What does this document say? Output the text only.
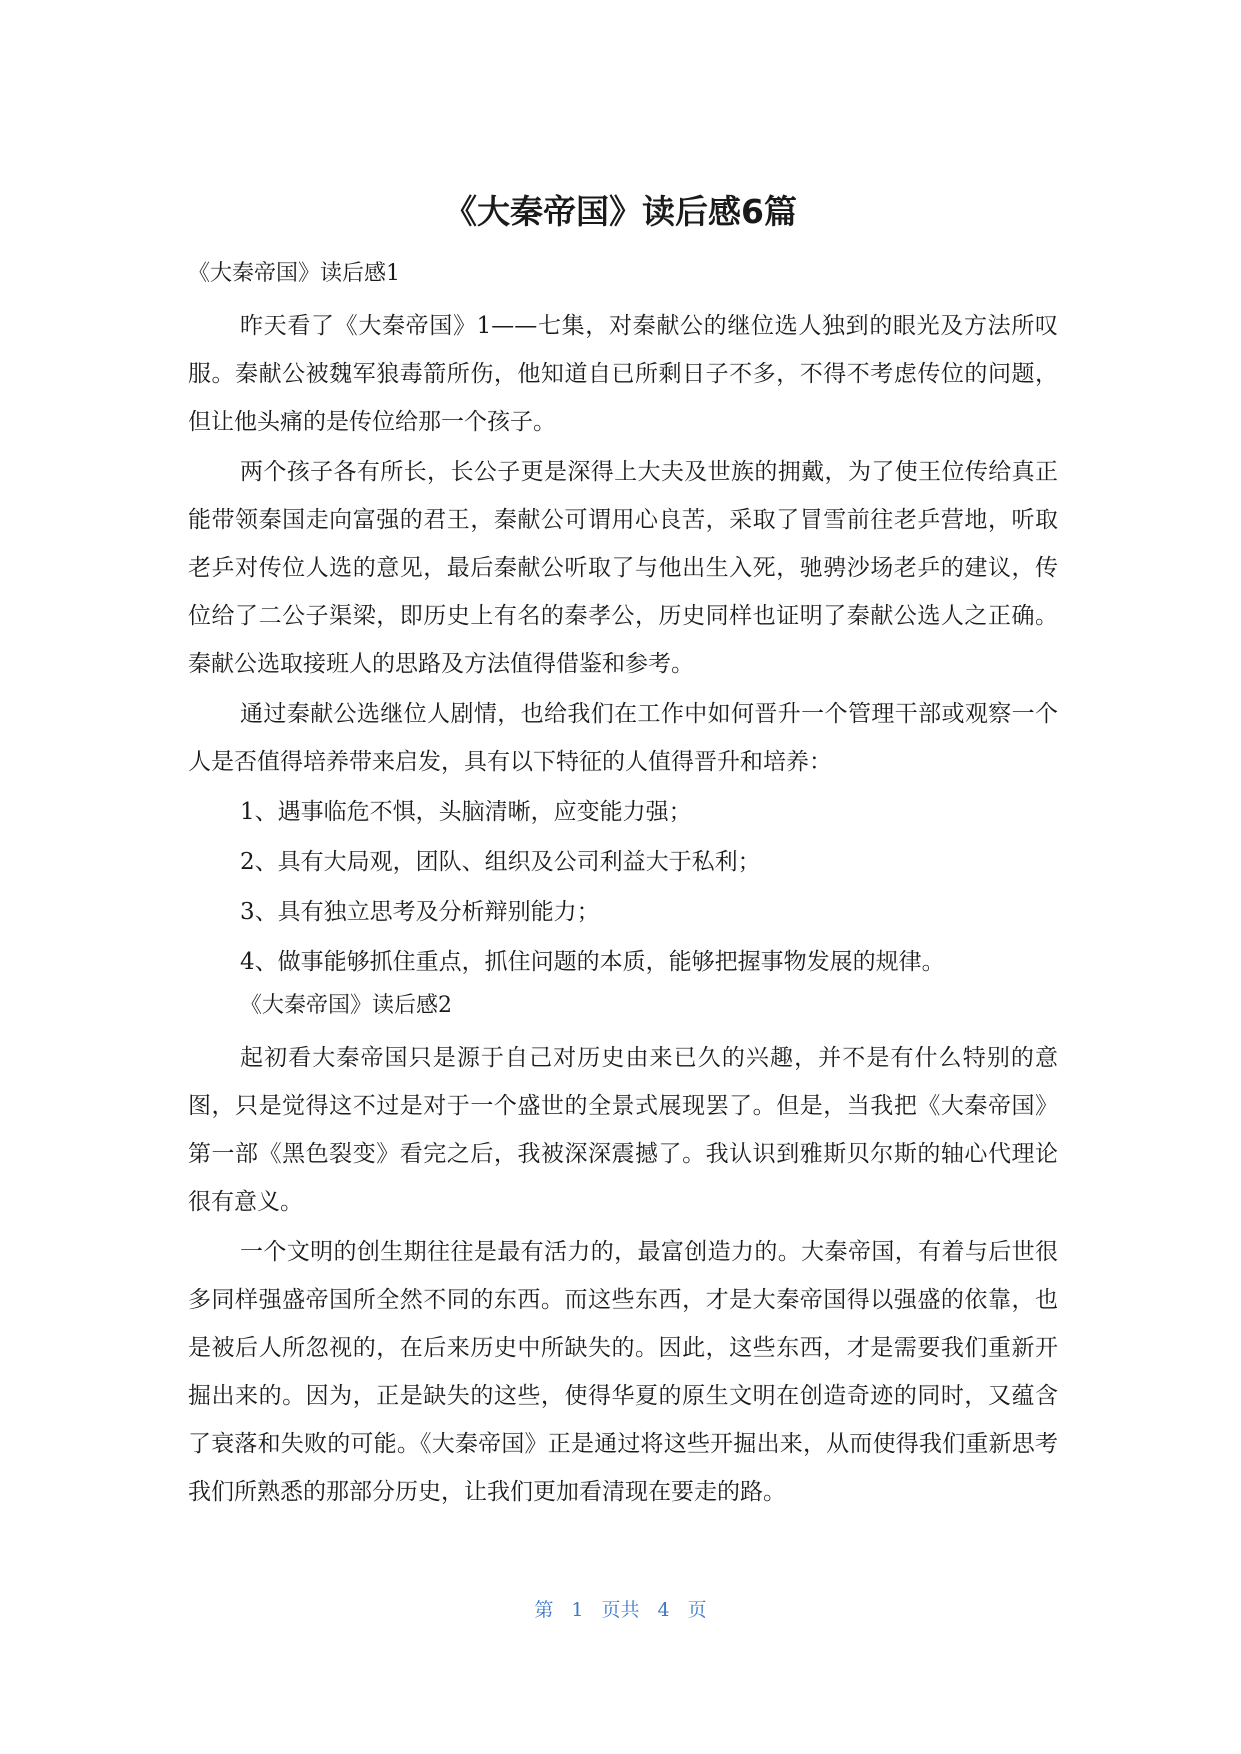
《大秦帝国》读后感6篇
《大秦帝国》读后感1

昨天看了《大秦帝国》1——七集，对秦献公的继位选人独到的眼光及方法所叹服。秦献公被魏军狼毒箭所伤，他知道自已所剩日子不多，不得不考虑传位的问题，但让他头痛的是传位给那一个孩子。

两个孩子各有所长，长公子更是深得上大夫及世族的拥戴，为了使王位传给真正能带领秦国走向富强的君王，秦献公可谓用心良苦，采取了冒雪前往老乒营地，听取老乒对传位人选的意见，最后秦献公听取了与他出生入死，驰骋沙场老乒的建议，传位给了二公子渠梁，即历史上有名的秦孝公，历史同样也证明了秦献公选人之正确。秦献公选取接班人的思路及方法值得借鉴和参考。

通过秦献公选继位人剧情，也给我们在工作中如何晋升一个管理干部或观察一个人是否值得培养带来启发，具有以下特征的人值得晋升和培养：

1、遇事临危不惧，头脑清晰，应变能力强；
2、具有大局观，团队、组织及公司利益大于私利；
3、具有独立思考及分析辩别能力；
4、做事能够抓住重点，抓住问题的本质，能够把握事物发展的规律。
《大秦帝国》读后感2

起初看大秦帝国只是源于自己对历史由来已久的兴趣，并不是有什么特别的意图，只是觉得这不过是对于一个盛世的全景式展现罢了。但是，当我把《大秦帝国》第一部《黑色裂变》看完之后，我被深深震撼了。我认识到雅斯贝尔斯的轴心代理论很有意义。

一个文明的创生期往往是最有活力的，最富创造力的。大秦帝国，有着与后世很多同样强盛帝国所全然不同的东西。而这些东西，才是大秦帝国得以强盛的依靠，也是被后人所忽视的，在后来历史中所缺失的。因此，这些东西，才是需要我们重新开掘出来的。因为，正是缺失的这些，使得华夏的原生文明在创造奇迹的同时，又蕴含了衰落和失败的可能。《大秦帝国》正是通过将这些开掘出来，从而使得我们重新思考我们所熟悉的那部分历史，让我们更加看清现在要走的路。

第 1 页共 4 页
